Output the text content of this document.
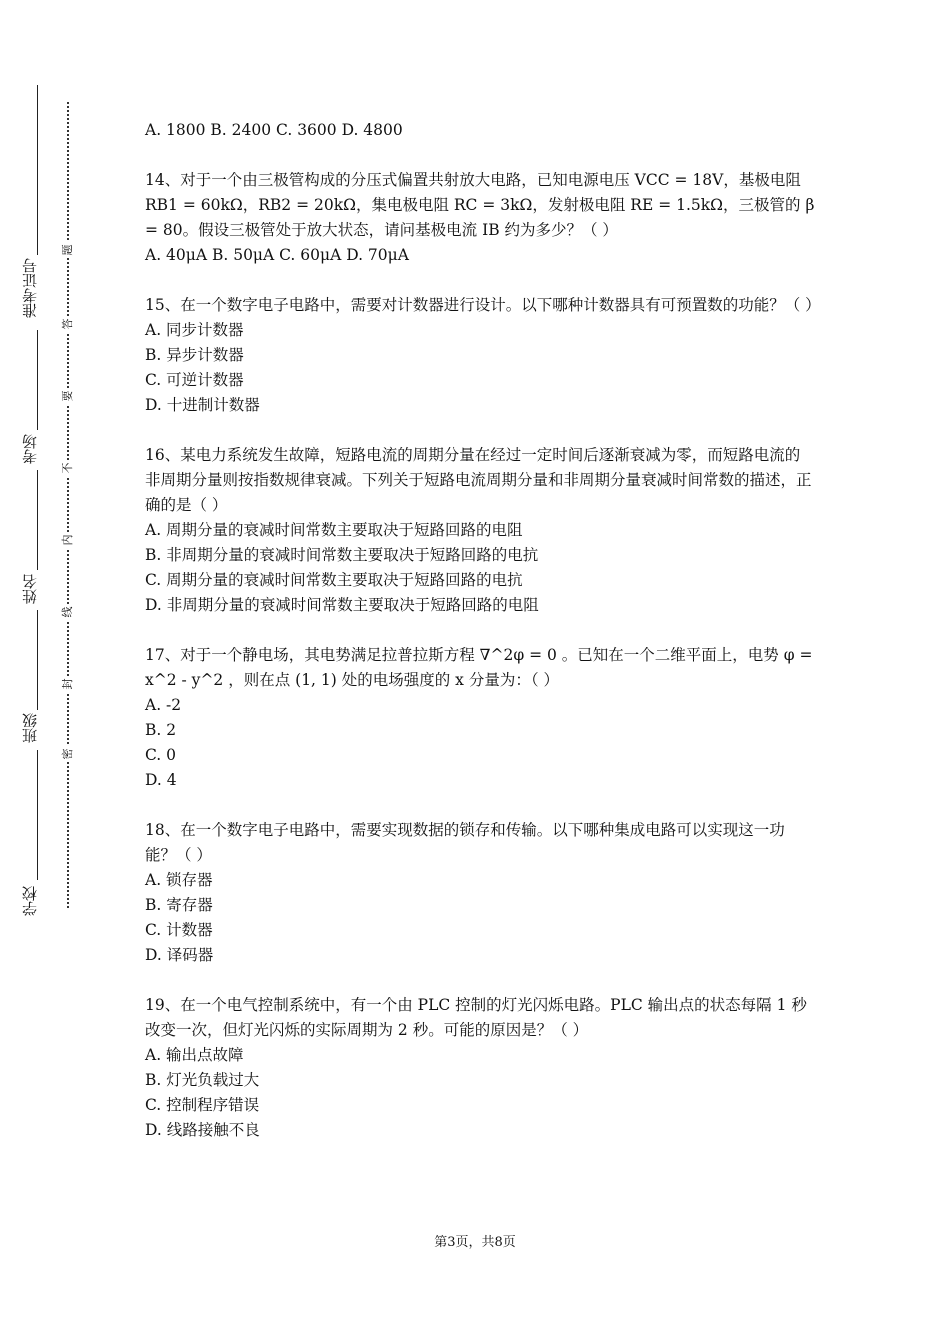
准考证号
考场
姓名
班级
学校
题
答
要
不
内
线
封
密
A. 1800 B. 2400 C. 3600 D. 4800

14、对于一个由三极管构成的分压式偏置共射放大电路，已知电源电压 VCC = 18V，基极电阻 RB1 = 60kΩ，RB2 = 20kΩ，集电极电阻 RC = 3kΩ，发射极电阻 RE = 1.5kΩ，三极管的 β = 80。假设三极管处于放大状态，请问基极电流 IB 约为多少？（ ）

A. 40μA B. 50μA C. 60μA D. 70μA

15、在一个数字电子电路中，需要对计数器进行设计。以下哪种计数器具有可预置数的功能？（ ）

A. 同步计数器
B. 异步计数器
C. 可逆计数器
D. 十进制计数器

16、某电力系统发生故障，短路电流的周期分量在经过一定时间后逐渐衰减为零，而短路电流的非周期分量则按指数规律衰减。下列关于短路电流周期分量和非周期分量衰减时间常数的描述，正确的是（ ）

A. 周期分量的衰减时间常数主要取决于短路回路的电阻
B. 非周期分量的衰减时间常数主要取决于短路回路的电抗
C. 周期分量的衰减时间常数主要取决于短路回路的电抗
D. 非周期分量的衰减时间常数主要取决于短路回路的电阻

17、对于一个静电场，其电势满足拉普拉斯方程 ∇^2φ = 0 。已知在一个二维平面上，电势 φ = x^2 - y^2 ，则在点 (1, 1) 处的电场强度的 x 分量为：（ ）

A. -2
B. 2
C. 0
D. 4

18、在一个数字电子电路中，需要实现数据的锁存和传输。以下哪种集成电路可以实现这一功能？（ ）

A. 锁存器
B. 寄存器
C. 计数器
D. 译码器

19、在一个电气控制系统中，有一个由 PLC 控制的灯光闪烁电路。PLC 输出点的状态每隔 1 秒改变一次，但灯光闪烁的实际周期为 2 秒。可能的原因是？（ ）

A. 输出点故障
B. 灯光负载过大
C. 控制程序错误
D. 线路接触不良
第3页，共8页
